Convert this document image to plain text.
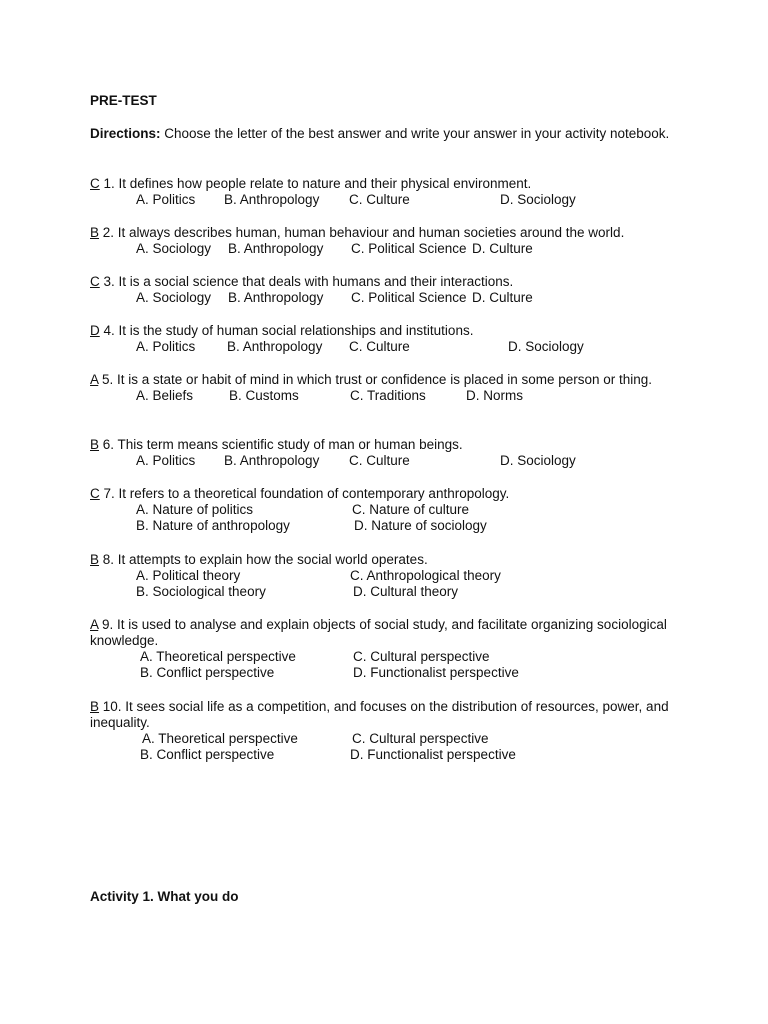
PRE-TEST
Directions: Choose the letter of the best answer and write your answer in your activity notebook.
C 1. It defines how people relate to nature and their physical environment.
A. Politics B. Anthropology C. Culture	D. Sociology
B 2. It always describes human, human behaviour and human societies around the world.
A. Sociology B. Anthropology C. Political Science D. Culture
C 3. It is a social science that deals with humans and their interactions.
A. Sociology B. Anthropology C. Political Science D. Culture
D 4. It is the study of human social relationships and institutions.
A. Politics B. Anthropology C. Culture	D. Sociology
A 5. It is a state or habit of mind in which trust or confidence is placed in some person or thing.
A. Beliefs	B. Customs	C. Traditions	D. Norms
B 6. This term means scientific study of man or human beings.
A. Politics B. Anthropology C. Culture	D. Sociology
C 7. It refers to a theoretical foundation of contemporary anthropology.
A. Nature of politics	C. Nature of culture
B. Nature of anthropology	D. Nature of sociology
B 8. It attempts to explain how the social world operates.
A. Political theory	C. Anthropological theory
B. Sociological theory	D. Cultural theory
A 9. It is used to analyse and explain objects of social study, and facilitate organizing sociological knowledge.
A. Theoretical perspective	C. Cultural perspective
B. Conflict perspective	D. Functionalist perspective
B 10. It sees social life as a competition, and focuses on the distribution of resources, power, and inequality.
A. Theoretical perspective	C. Cultural perspective
B. Conflict perspective	D. Functionalist perspective
Activity 1. What you do
